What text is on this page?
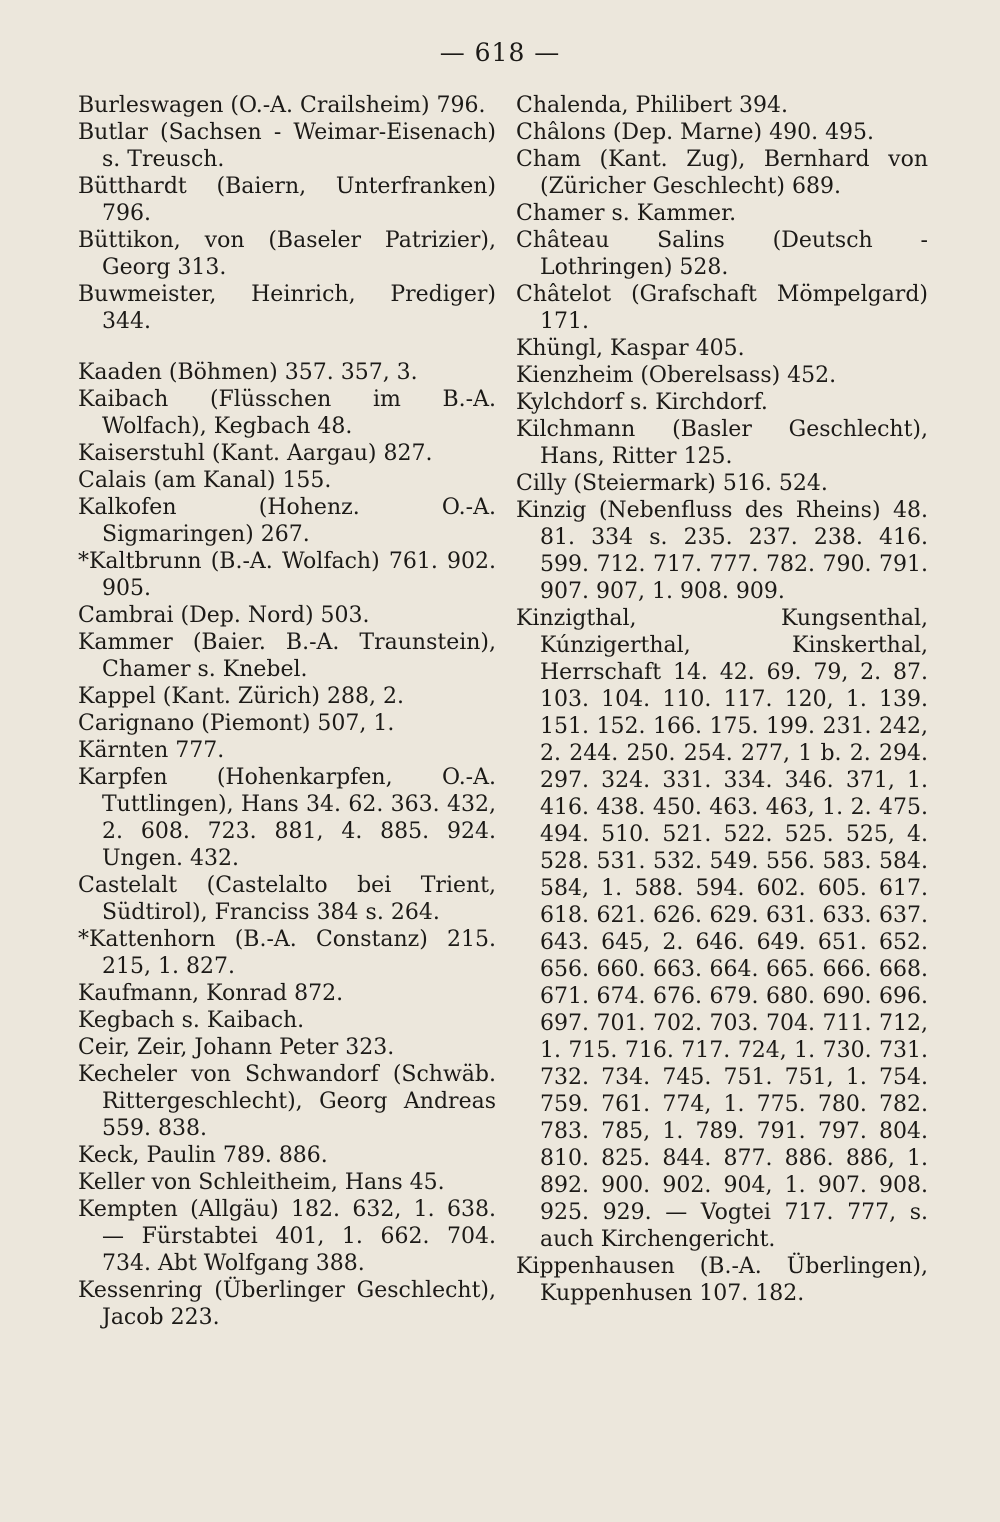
— 618 —

Burleswagen (O.-A. Crailsheim) 796.

Butlar (Sachsen - Weimar-Eisenach) s. Treusch.

Bütthardt (Baiern, Unterfranken) 796.

Büttikon, von (Baseler Patrizier), Georg 313.

Buwmeister, Heinrich, Prediger) 344.

Kaaden (Böhmen) 357. 357, 3.

Kaibach (Flüsschen im B.-A. Wolfach), Kegbach 48.

Kaiserstuhl (Kant. Aargau) 827.

Calais (am Kanal) 155.

Kalkofen (Hohenz. O.-A. Sigmaringen) 267.

*Kaltbrunn (B.-A. Wolfach) 761. 902. 905.

Cambrai (Dep. Nord) 503.

Kammer (Baier. B.-A. Traunstein), Chamer s. Knebel.

Kappel (Kant. Zürich) 288, 2.

Carignano (Piemont) 507, 1.

Kärnten 777.

Karpfen (Hohenkarpfen, O.-A. Tuttlingen), Hans 34. 62. 363. 432, 2. 608. 723. 881, 4. 885. 924. Ungen. 432.

Castelalt (Castelalto bei Trient, Südtirol), Franciss 384 s. 264.

*Kattenhorn (B.-A. Constanz) 215. 215, 1. 827.

Kaufmann, Konrad 872.

Kegbach s. Kaibach.

Ceir, Zeir, Johann Peter 323.

Kecheler von Schwandorf (Schwäb. Rittergeschlecht), Georg Andreas 559. 838.

Keck, Paulin 789. 886.

Keller von Schleitheim, Hans 45.

Kempten (Allgäu) 182. 632, 1. 638. — Fürstabtei 401, 1. 662. 704. 734. Abt Wolfgang 388.

Kessenring (Überlinger Geschlecht), Jacob 223.

Chalenda, Philibert 394.

Châlons (Dep. Marne) 490. 495.

Cham (Kant. Zug), Bernhard von (Züricher Geschlecht) 689.

Chamer s. Kammer.

Château Salins (Deutsch - Lothringen) 528.

Châtelot (Grafschaft Mömpelgard) 171.

Khüngl, Kaspar 405.

Kienzheim (Oberelsass) 452.

Kylchdorf s. Kirchdorf.

Kilchmann (Basler Geschlecht), Hans, Ritter 125.

Cilly (Steiermark) 516. 524.

Kinzig (Nebenfluss des Rheins) 48. 81. 334 s. 235. 237. 238. 416. 599. 712. 717. 777. 782. 790. 791. 907. 907, 1. 908. 909.

Kinzigthal, Kungsenthal, Kúnzigerthal, Kinskerthal, Herrschaft 14. 42. 69. 79, 2. 87. 103. 104. 110. 117. 120, 1. 139. 151. 152. 166. 175. 199. 231. 242, 2. 244. 250. 254. 277, 1 b. 2. 294. 297. 324. 331. 334. 346. 371, 1. 416. 438. 450. 463. 463, 1. 2. 475. 494. 510. 521. 522. 525. 525, 4. 528. 531. 532. 549. 556. 583. 584. 584, 1. 588. 594. 602. 605. 617. 618. 621. 626. 629. 631. 633. 637. 643. 645, 2. 646. 649. 651. 652. 656. 660. 663. 664. 665. 666. 668. 671. 674. 676. 679. 680. 690. 696. 697. 701. 702. 703. 704. 711. 712, 1. 715. 716. 717. 724, 1. 730. 731. 732. 734. 745. 751. 751, 1. 754. 759. 761. 774, 1. 775. 780. 782. 783. 785, 1. 789. 791. 797. 804. 810. 825. 844. 877. 886. 886, 1. 892. 900. 902. 904, 1. 907. 908. 925. 929. — Vogtei 717. 777, s. auch Kirchengericht.

Kippenhausen (B.-A. Überlingen), Kuppenhusen 107. 182.
